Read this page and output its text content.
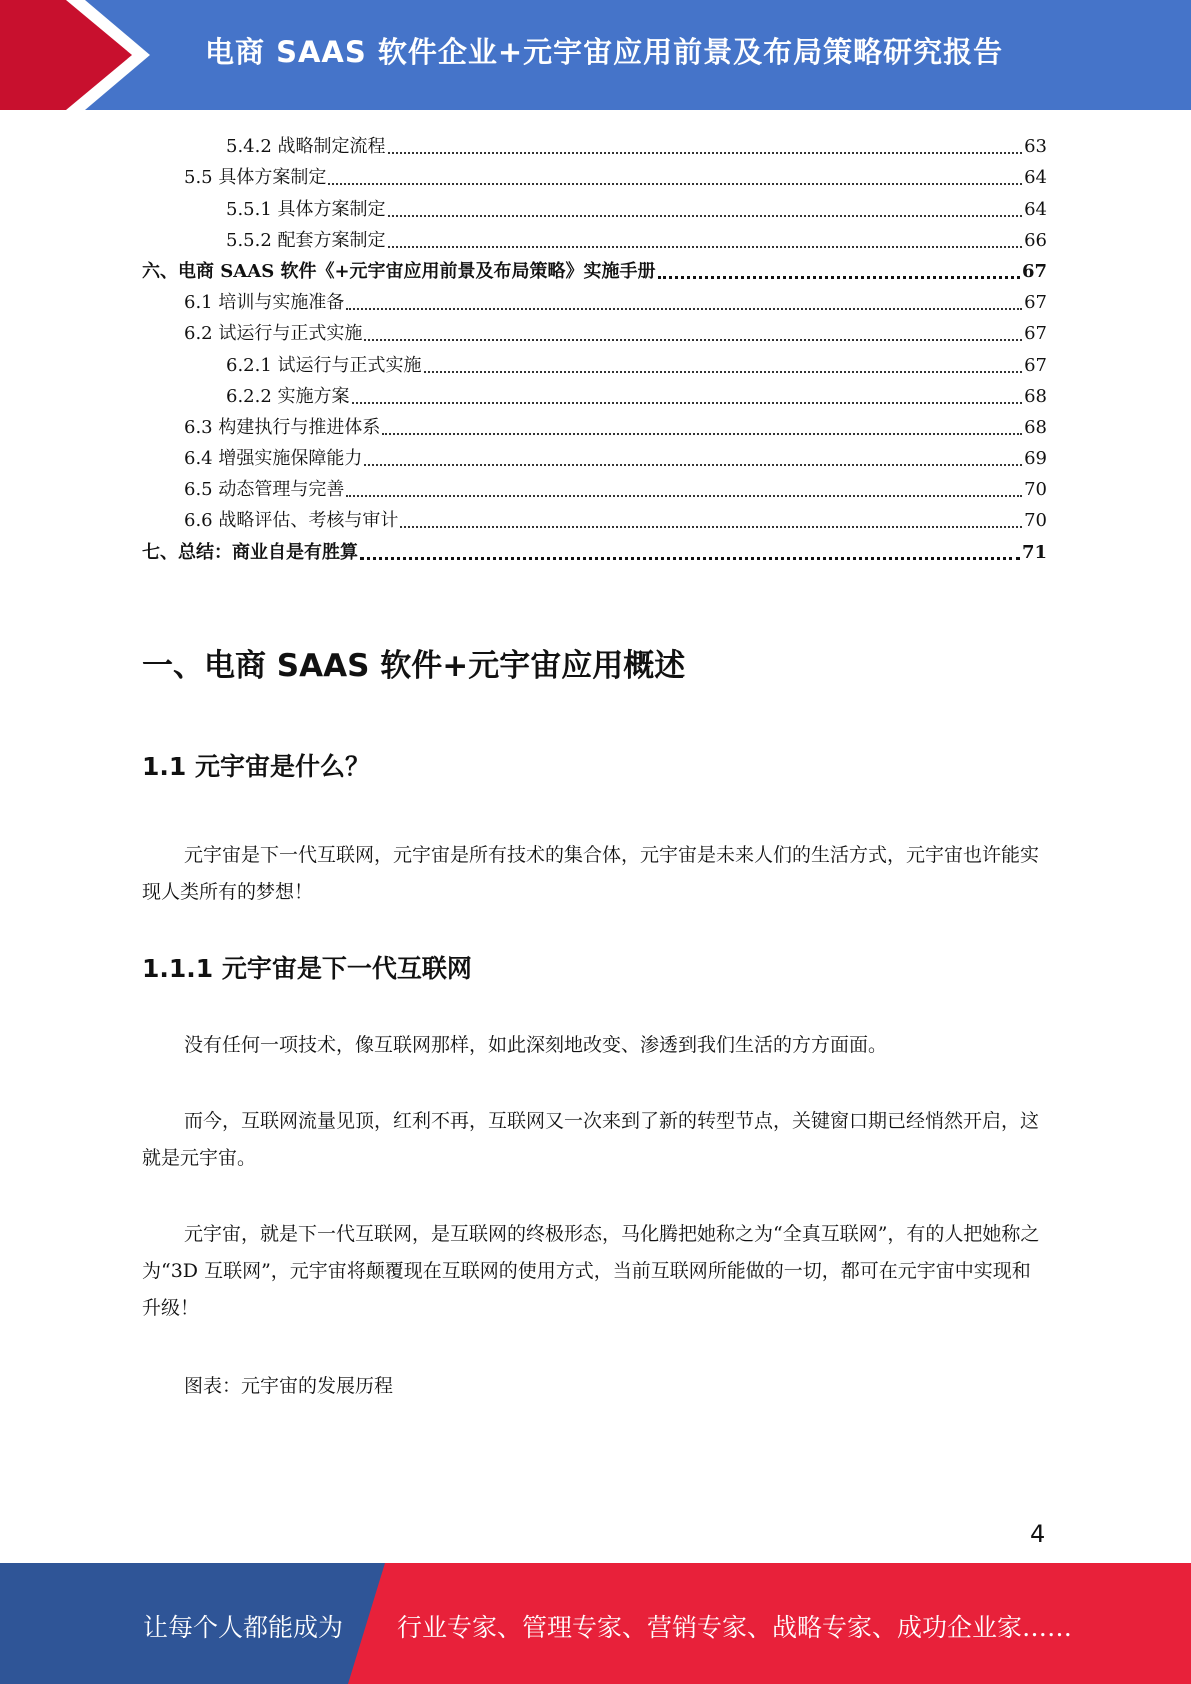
电商 SAAS 软件企业+元宇宙应用前景及布局策略研究报告
5.4.2 战略制定流程	63
5.5 具体方案制定	64
5.5.1 具体方案制定	64
5.5.2 配套方案制定	66
六、电商 SAAS 软件《+元宇宙应用前景及布局策略》实施手册	67
6.1 培训与实施准备	67
6.2 试运行与正式实施	67
6.2.1 试运行与正式实施	67
6.2.2 实施方案	68
6.3 构建执行与推进体系	68
6.4 增强实施保障能力	69
6.5 动态管理与完善	70
6.6 战略评估、考核与审计	70
七、总结：商业自是有胜算	71
一、电商 SAAS 软件+元宇宙应用概述
1.1 元宇宙是什么？

元宇宙是下一代互联网，元宇宙是所有技术的集合体，元宇宙是未来人们的生活方式，元宇宙也许能实现人类所有的梦想！

1.1.1 元宇宙是下一代互联网

没有任何一项技术，像互联网那样，如此深刻地改变、渗透到我们生活的方方面面。

而今，互联网流量见顶，红利不再，互联网又一次来到了新的转型节点，关键窗口期已经悄然开启，这就是元宇宙。

元宇宙，就是下一代互联网，是互联网的终极形态，马化腾把她称之为“全真互联网”，有的人把她称之为“3D 互联网”，元宇宙将颠覆现在互联网的使用方式，当前互联网所能做的一切，都可在元宇宙中实现和升级！

图表：元宇宙的发展历程

4
让每个人都能成为 行业专家、管理专家、营销专家、战略专家、成功企业家……
